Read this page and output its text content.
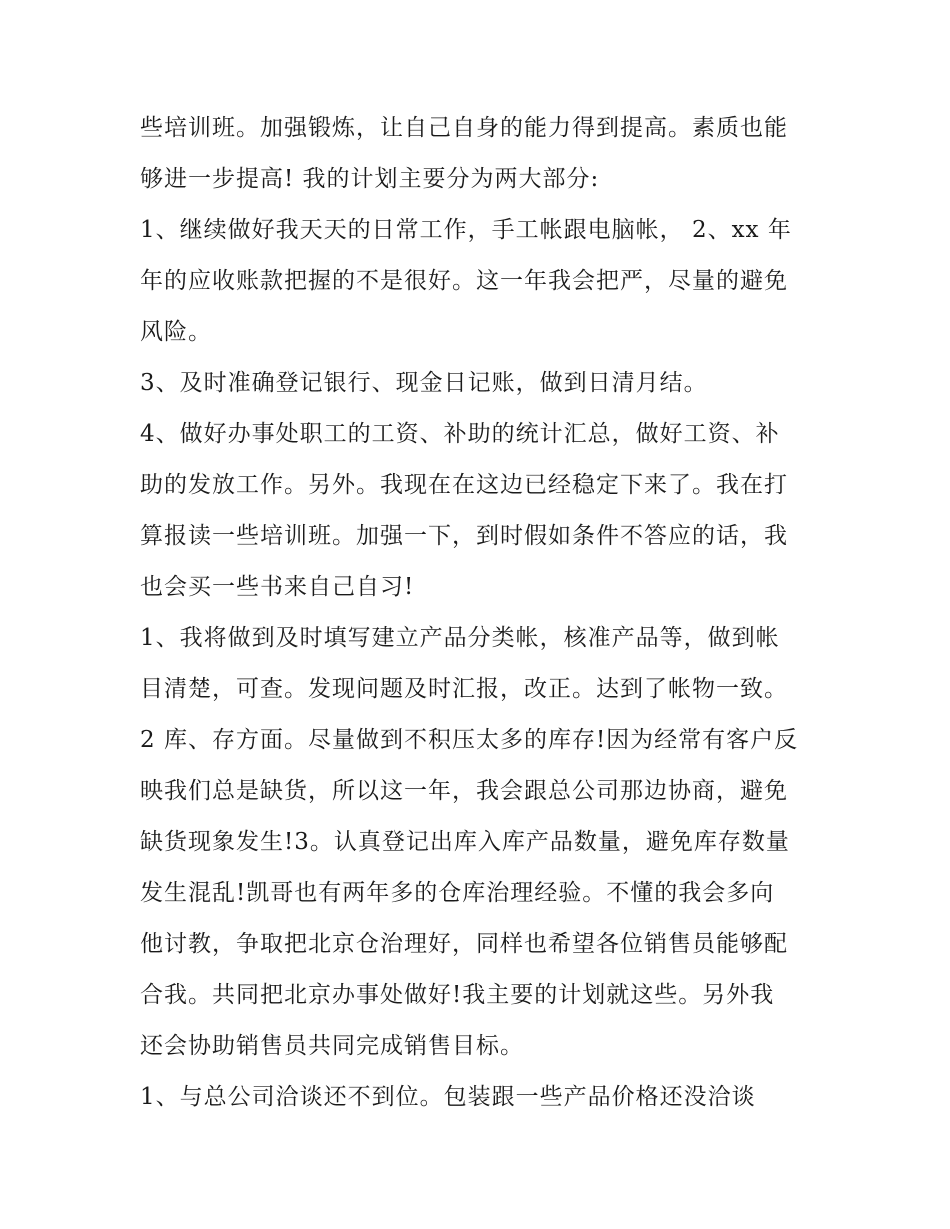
些培训班。加强锻炼，让自己自身的能力得到提高。素质也能
够进一步提高! 我的计划主要分为两大部分:
1、继续做好我天天的日常工作，手工帐跟电脑帐， 2、xx 年
年的应收账款把握的不是很好。这一年我会把严，尽量的避免
风险。
3、及时准确登记银行、现金日记账，做到日清月结。
4、做好办事处职工的工资、补助的统计汇总，做好工资、补
助的发放工作。另外。我现在在这边已经稳定下来了。我在打
算报读一些培训班。加强一下，到时假如条件不答应的话，我
也会买一些书来自己自习!
1、我将做到及时填写建立产品分类帐，核准产品等，做到帐
目清楚，可查。发现问题及时汇报，改正。达到了帐物一致。
2 库、存方面。尽量做到不积压太多的库存!因为经常有客户反
映我们总是缺货，所以这一年，我会跟总公司那边协商，避免
缺货现象发生!3。认真登记出库入库产品数量，避免库存数量
发生混乱!凯哥也有两年多的仓库治理经验。不懂的我会多向
他讨教，争取把北京仓治理好，同样也希望各位销售员能够配
合我。共同把北京办事处做好!我主要的计划就这些。另外我
还会协助销售员共同完成销售目标。
1、与总公司洽谈还不到位。包装跟一些产品价格还没洽谈
